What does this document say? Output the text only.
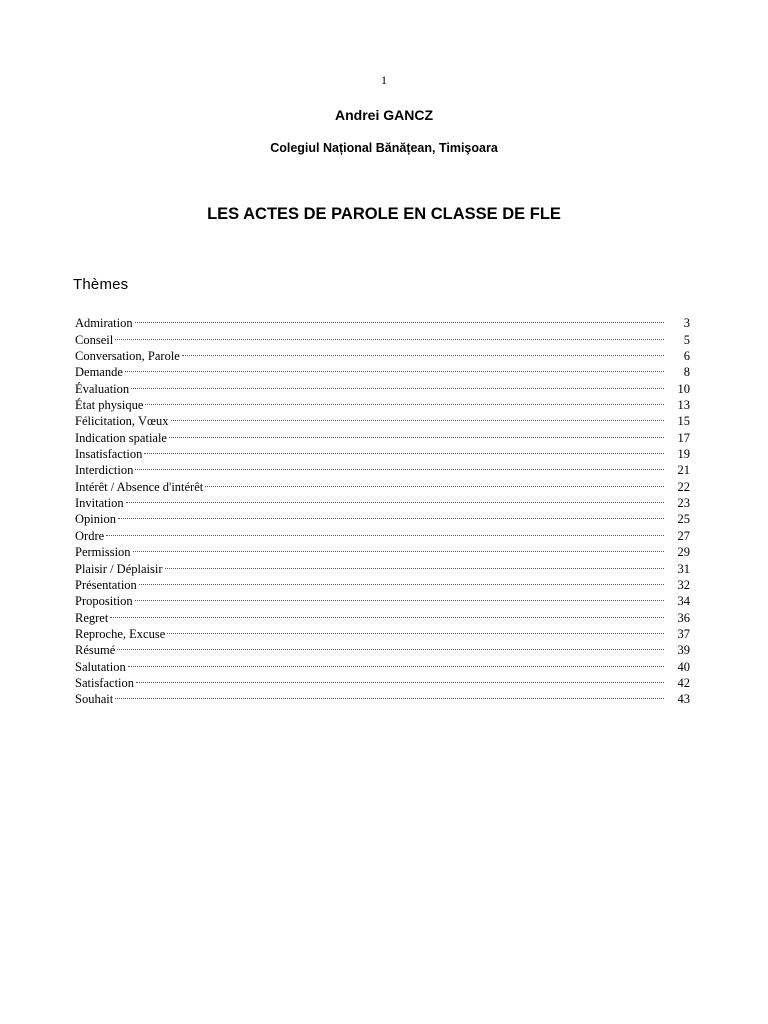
1
Andrei GANCZ
Colegiul Național Bănățean, Timişoara
LES ACTES DE PAROLE EN CLASSE DE FLE
Thèmes
Admiration	3
Conseil	5
Conversation, Parole	6
Demande	8
Évaluation	10
État physique	13
Félicitation, Vœux	15
Indication spatiale	17
Insatisfaction	19
Interdiction	21
Intérêt / Absence d'intérêt	22
Invitation	23
Opinion	25
Ordre	27
Permission	29
Plaisir / Déplaisir	31
Présentation	32
Proposition	34
Regret	36
Reproche, Excuse	37
Résumé	39
Salutation	40
Satisfaction	42
Souhait	43
